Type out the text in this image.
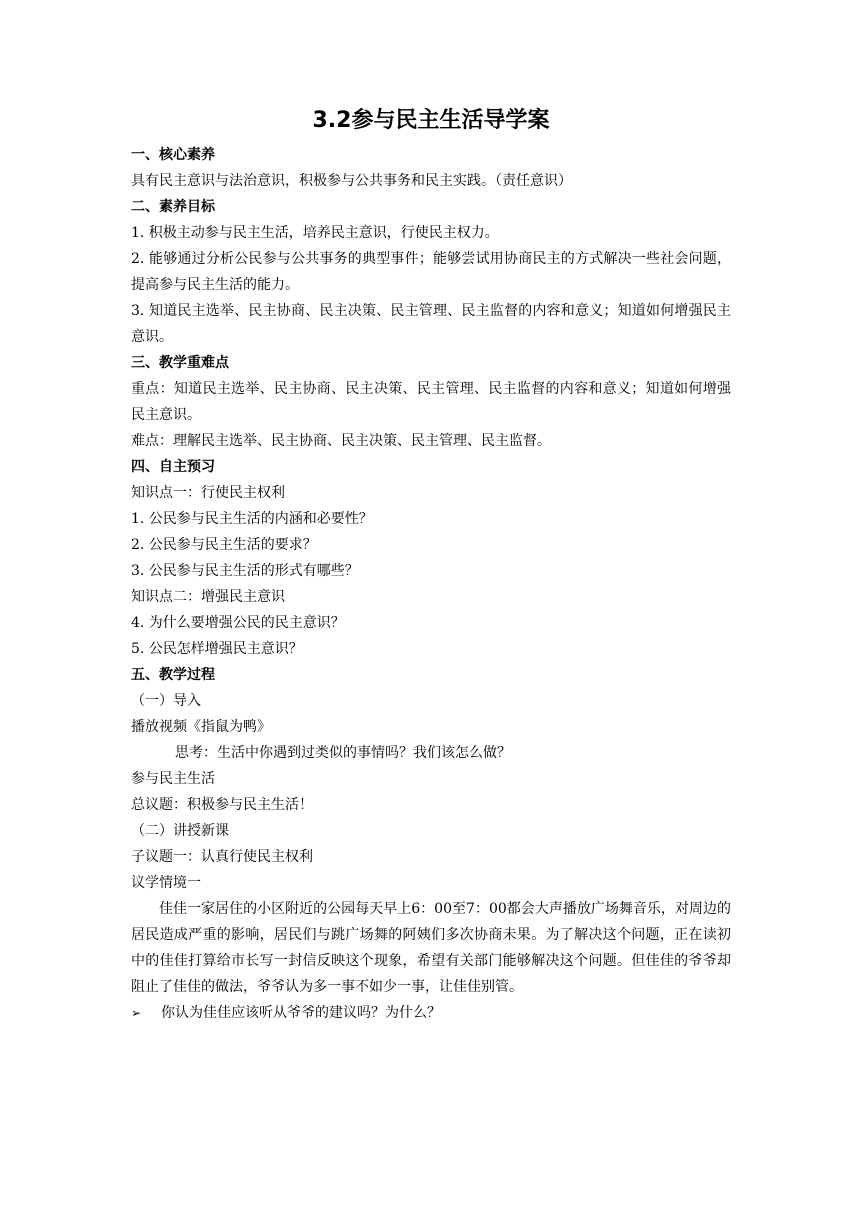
3.2参与民主生活导学案
一、核心素养
具有民主意识与法治意识，积极参与公共事务和民主实践。（责任意识）
二、素养目标
1. 积极主动参与民主生活，培养民主意识，行使民主权力。
2. 能够通过分析公民参与公共事务的典型事件；能够尝试用协商民主的方式解决一些社会问题，提高参与民主生活的能力。
3. 知道民主选举、民主协商、民主决策、民主管理、民主监督的内容和意义；知道如何增强民主意识。
三、教学重难点
重点：知道民主选举、民主协商、民主决策、民主管理、民主监督的内容和意义；知道如何增强民主意识。
难点：理解民主选举、民主协商、民主决策、民主管理、民主监督。
四、自主预习
知识点一：行使民主权利
1. 公民参与民主生活的内涵和必要性？
2. 公民参与民主生活的要求？
3. 公民参与民主生活的形式有哪些？
知识点二：增强民主意识
4. 为什么要增强公民的民主意识？
5. 公民怎样增强民主意识？
五、教学过程
（一）导入
播放视频《指鼠为鸭》
思考：生活中你遇到过类似的事情吗？我们该怎么做？
参与民主生活
总议题：积极参与民主生活！
（二）讲授新课
子议题一：认真行使民主权利
议学情境一
佳佳一家居住的小区附近的公园每天早上6：00至7：00都会大声播放广场舞音乐，对周边的居民造成严重的影响，居民们与跳广场舞的阿姨们多次协商未果。为了解决这个问题，正在读初中的佳佳打算给市长写一封信反映这个现象，希望有关部门能够解决这个问题。但佳佳的爷爷却阻止了佳佳的做法，爷爷认为多一事不如少一事，让佳佳别管。
➢	你认为佳佳应该听从爷爷的建议吗？为什么？
